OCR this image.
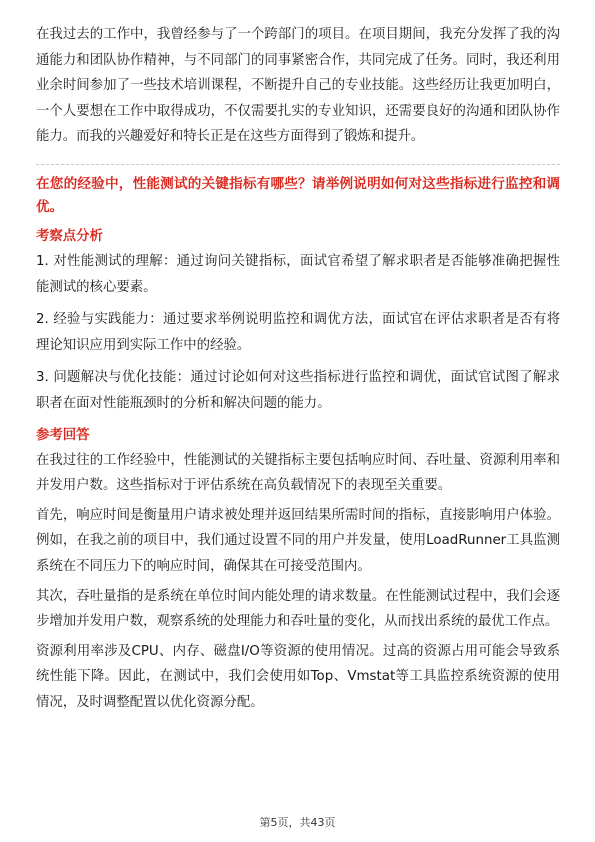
在我过去的工作中，我曾经参与了一个跨部门的项目。在项目期间，我充分发挥了我的沟通能力和团队协作精神，与不同部门的同事紧密合作，共同完成了任务。同时，我还利用业余时间参加了一些技术培训课程，不断提升自己的专业技能。这些经历让我更加明白，一个人要想在工作中取得成功，不仅需要扎实的专业知识，还需要良好的沟通和团队协作能力。而我的兴趣爱好和特长正是在这些方面得到了锻炼和提升。

在您的经验中，性能测试的关键指标有哪些？请举例说明如何对这些指标进行监控和调优。

考察点分析

1. 对性能测试的理解：通过询问关键指标，面试官希望了解求职者是否能够准确把握性能测试的核心要素。

2. 经验与实践能力：通过要求举例说明监控和调优方法，面试官在评估求职者是否有将理论知识应用到实际工作中的经验。

3. 问题解决与优化技能：通过讨论如何对这些指标进行监控和调优，面试官试图了解求职者在面对性能瓶颈时的分析和解决问题的能力。

参考回答

在我过往的工作经验中，性能测试的关键指标主要包括响应时间、吞吐量、资源利用率和并发用户数。这些指标对于评估系统在高负载情况下的表现至关重要。

首先，响应时间是衡量用户请求被处理并返回结果所需时间的指标，直接影响用户体验。例如，在我之前的项目中，我们通过设置不同的用户并发量，使用LoadRunner工具监测系统在不同压力下的响应时间，确保其在可接受范围内。

其次，吞吐量指的是系统在单位时间内能处理的请求数量。在性能测试过程中，我们会逐步增加并发用户数，观察系统的处理能力和吞吐量的变化，从而找出系统的最优工作点。

资源利用率涉及CPU、内存、磁盘I/O等资源的使用情况。过高的资源占用可能会导致系统性能下降。因此，在测试中，我们会使用如Top、Vmstat等工具监控系统资源的使用情况，及时调整配置以优化资源分配。

第5页，共43页
